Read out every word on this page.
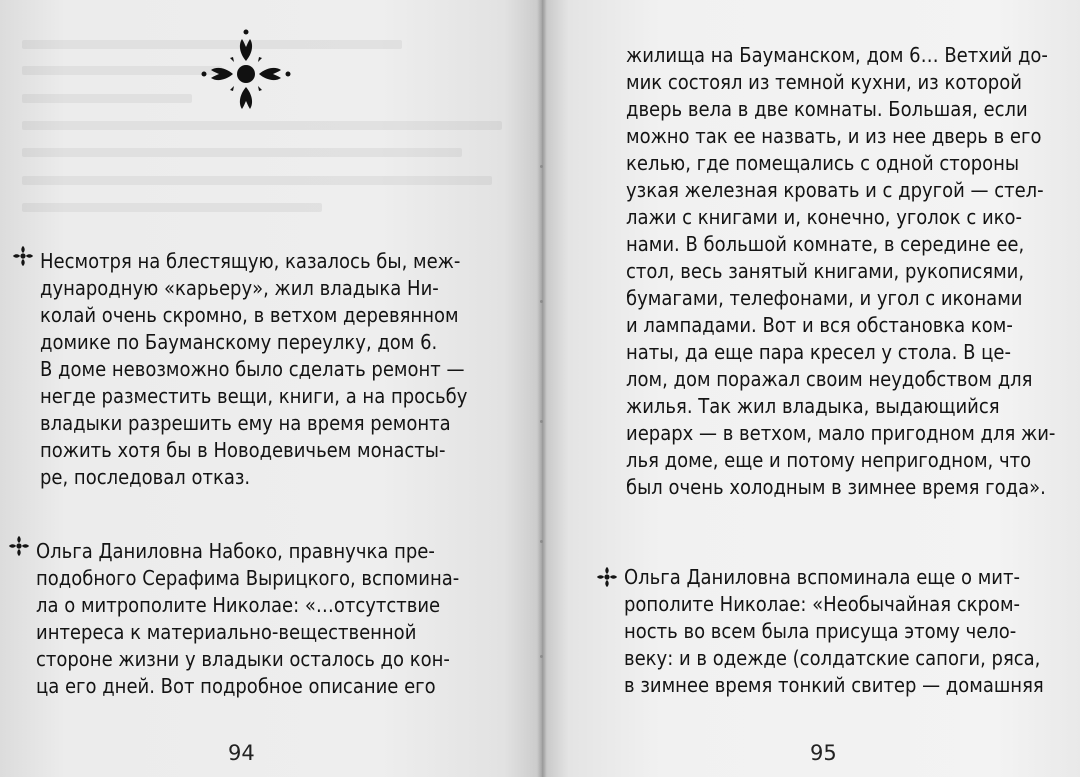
Несмотря на блестящую, казалось бы, меж-
дународную «карьеру», жил владыка Ни-
колай очень скромно, в ветхом деревянном
домике по Бауманскому переулку, дом 6.
В доме невозможно было сделать ремонт —
негде разместить вещи, книги, а на просьбу
владыки разрешить ему на время ремонта
пожить хотя бы в Новодевичьем монасты-
ре, последовал отказ.
Ольга Даниловна Набоко, правнучка пре-
подобного Серафима Вырицкого, вспомина-
ла о митрополите Николае: «…отсутствие
интереса к материально-вещественной
стороне жизни у владыки осталось до кон-
ца его дней. Вот подробное описание его
94
жилища на Бауманском, дом 6… Ветхий до-
мик состоял из темной кухни, из которой
дверь вела в две комнаты. Большая, если
можно так ее назвать, и из нее дверь в его
келью, где помещались с одной стороны
узкая железная кровать и с другой — стел-
лажи с книгами и, конечно, уголок с ико-
нами. В большой комнате, в середине ее,
стол, весь занятый книгами, рукописями,
бумагами, телефонами, и угол с иконами
и лампадами. Вот и вся обстановка ком-
наты, да еще пара кресел у стола. В це-
лом, дом поражал своим неудобством для
жилья. Так жил владыка, выдающийся
иерарх — в ветхом, мало пригодном для жи-
лья доме, еще и потому непригодном, что
был очень холодным в зимнее время года».
Ольга Даниловна вспоминала еще о мит-
рополите Николае: «Необычайная скром-
ность во всем была присуща этому чело-
веку: и в одежде (солдатские сапоги, ряса,
в зимнее время тонкий свитер — домашняя
95
